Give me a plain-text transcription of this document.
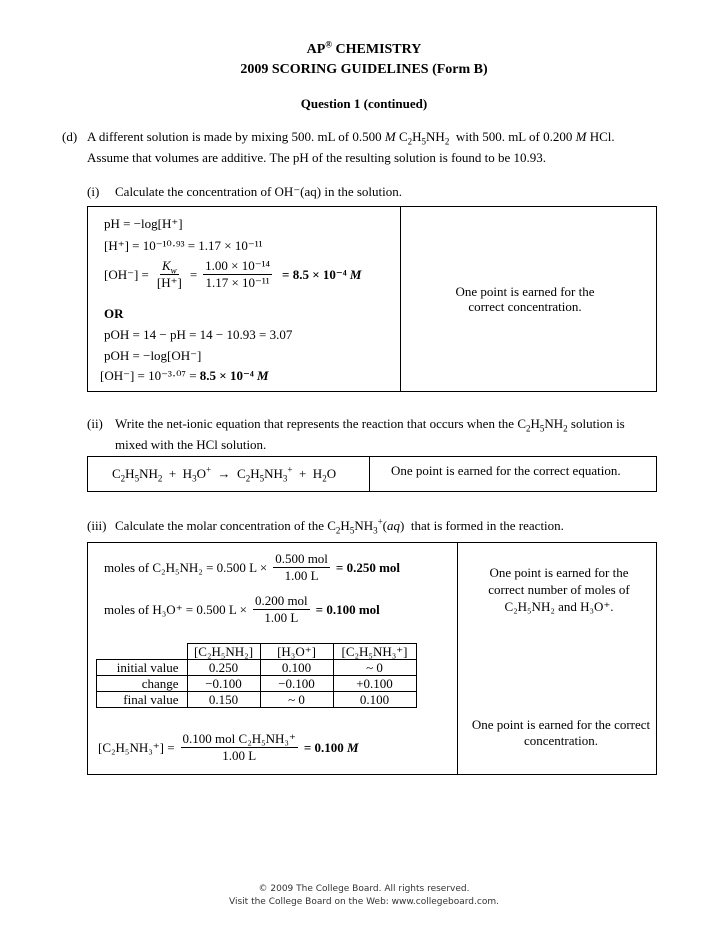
AP® CHEMISTRY
2009 SCORING GUIDELINES (Form B)
Question 1 (continued)
(d) A different solution is made by mixing 500. mL of 0.500 M $C_2H_5NH_2$ with 500. mL of 0.200 M HCl.
Assume that volumes are additive. The pH of the resulting solution is found to be 10.93.
(i) Calculate the concentration of OH⁻(aq) in the solution.
pH = −log[H⁺]
[H⁺] = 10⁻¹⁰·⁹³ = 1.17 × 10⁻¹¹
$[OH^-] = \frac{K_w}{[H^+]} = \frac{\text{1.00 × 10⁻¹⁴}}{\text{1.17 × 10⁻¹¹}} = 8.5 \times 10^{-4}$
M
OR
pOH = 14 − pH = 14 − 10.93 = 3.07
pOH = −log[OH⁻]
[OH⁻] = 10⁻³·⁰⁷ = 8.5 × 10⁻⁴ M
One point is earned for the correct concentration.
(ii) Write the net-ionic equation that represents the reaction that occurs when the $C_2H_5NH_2$ solution is
mixed with the HCl solution.
$C_2H_5NH_2 + H_3O^+ \to C_2H_5NH_3^+ + H_2O$	One point is earned for the correct equation.
(iii) Calculate the molar concentration of the $C_2H_5NH_3^+(aq)$  that is formed in the reaction.
moles of C₂H₅NH₂ = 0.500 $L \times \frac{\text{0.500 mol}}{1.00 L} = 0.250$ mol
moles of H₃O⁺ = 0.500 $L \times \frac{\text{0.200 mol}}{1.00 L} = 0.100$ mol
One point is earned for the correct number of moles of C₂H₅NH₂ and H₃O⁺.
	[C₂H₅NH₂]	[H₃O⁺]	[C₂H₅NH₃⁺]
initial value	0.250	0.100	~ 0
change	−0.100	−0.100	+0.100
final value	0.150	~ 0	0.100
$[C_2H_5NH_3^+] = \frac{\text{0.100 mol C₂H₅NH₃⁺}}{1.00 L} = 0.100$
M
One point is earned for the correct concentration.
© 2009 The College Board. All rights reserved.
Visit the College Board on the Web: www.collegeboard.com.
